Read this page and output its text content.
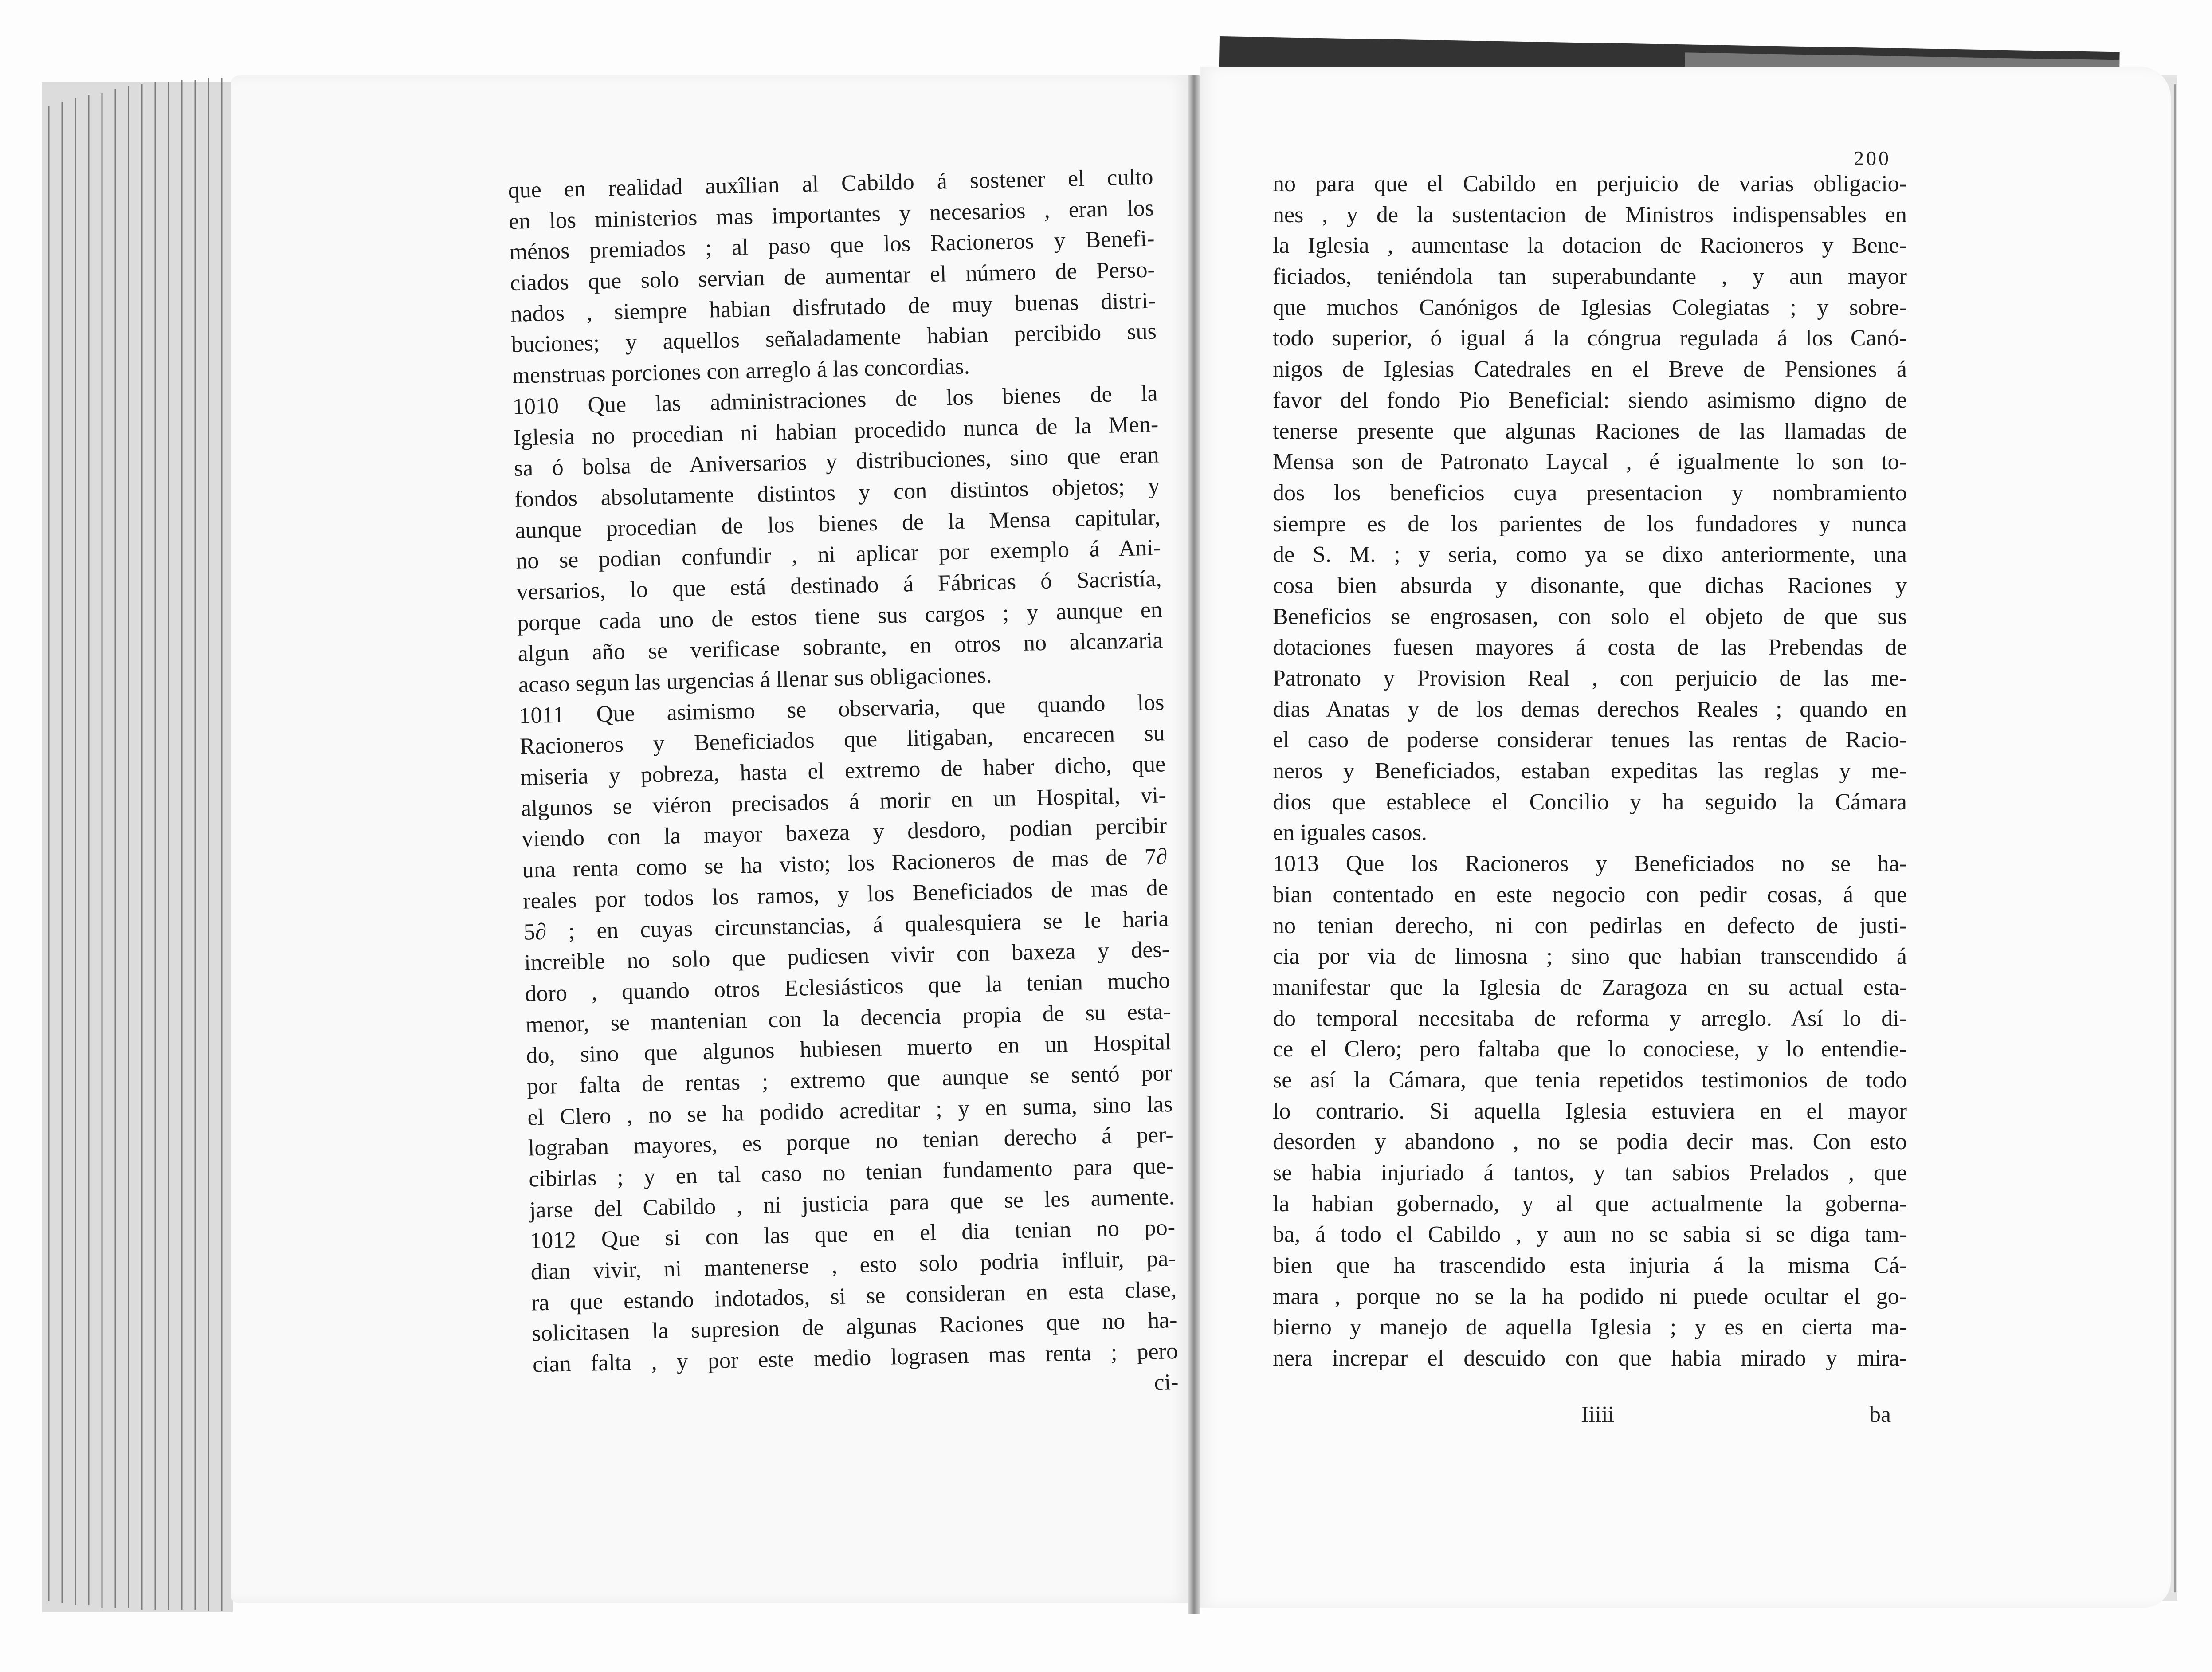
200
que en realidad auxîlian al Cabildo á sostener el culto
en los ministerios mas importantes y necesarios , eran los
ménos premiados ; al paso que los Racioneros y Benefi-
ciados que solo servian de aumentar el número de Perso-
nados , siempre habian disfrutado de muy buenas distri-
buciones; y aquellos señaladamente habian percibido sus
menstruas porciones con arreglo á las concordias.
1010 Que las administraciones de los bienes de la
Iglesia no procedian ni habian procedido nunca de la Men-
sa ó bolsa de Aniversarios y distribuciones, sino que eran
fondos absolutamente distintos y con distintos objetos; y
aunque procedian de los bienes de la Mensa capitular,
no se podian confundir , ni aplicar por exemplo á Ani-
versarios, lo que está destinado á Fábricas ó Sacristía,
porque cada uno de estos tiene sus cargos ; y aunque en
algun año se verificase sobrante, en otros no alcanzaria
acaso segun las urgencias á llenar sus obligaciones.
1011 Que asimismo se observaria, que quando los
Racioneros y Beneficiados que litigaban, encarecen su
miseria y pobreza, hasta el extremo de haber dicho, que
algunos se viéron precisados á morir en un Hospital, vi-
viendo con la mayor baxeza y desdoro, podian percibir
una renta como se ha visto; los Racioneros de mas de 7∂
reales por todos los ramos, y los Beneficiados de mas de
5∂ ; en cuyas circunstancias, á qualesquiera se le haria
increible no solo que pudiesen vivir con baxeza y des-
doro , quando otros Eclesiásticos que la tenian mucho
menor, se mantenian con la decencia propia de su esta-
do, sino que algunos hubiesen muerto en un Hospital
por falta de rentas ; extremo que aunque se sentó por
el Clero , no se ha podido acreditar ; y en suma, sino las
lograban mayores, es porque no tenian derecho á per-
cibirlas ; y en tal caso no tenian fundamento para que-
jarse del Cabildo , ni justicia para que se les aumente.
1012 Que si con las que en el dia tenian no po-
dian vivir, ni mantenerse , esto solo podria influir, pa-
ra que estando indotados, si se consideran en esta clase,
solicitasen la supresion de algunas Raciones que no ha-
cian falta , y por este medio lograsen mas renta ; pero
ci-
no para que el Cabildo en perjuicio de varias obligacio-
nes , y de la sustentacion de Ministros indispensables en
la Iglesia , aumentase la dotacion de Racioneros y Bene-
ficiados, teniéndola tan superabundante , y aun mayor
que muchos Canónigos de Iglesias Colegiatas ; y sobre-
todo superior, ó igual á la cóngrua regulada á los Canó-
nigos de Iglesias Catedrales en el Breve de Pensiones á
favor del fondo Pio Beneficial: siendo asimismo digno de
tenerse presente que algunas Raciones de las llamadas de
Mensa son de Patronato Laycal , é igualmente lo son to-
dos los beneficios cuya presentacion y nombramiento
siempre es de los parientes de los fundadores y nunca
de S. M. ; y seria, como ya se dixo anteriormente, una
cosa bien absurda y disonante, que dichas Raciones y
Beneficios se engrosasen, con solo el objeto de que sus
dotaciones fuesen mayores á costa de las Prebendas de
Patronato y Provision Real , con perjuicio de las me-
dias Anatas y de los demas derechos Reales ; quando en
el caso de poderse considerar tenues las rentas de Racio-
neros y Beneficiados, estaban expeditas las reglas y me-
dios que establece el Concilio y ha seguido la Cámara
en iguales casos.
1013 Que los Racioneros y Beneficiados no se ha-
bian contentado en este negocio con pedir cosas, á que
no tenian derecho, ni con pedirlas en defecto de justi-
cia por via de limosna ; sino que habian transcendido á
manifestar que la Iglesia de Zaragoza en su actual esta-
do temporal necesitaba de reforma y arreglo. Así lo di-
ce el Clero; pero faltaba que lo conociese, y lo entendie-
se así la Cámara, que tenia repetidos testimonios de todo
lo contrario. Si aquella Iglesia estuviera en el mayor
desorden y abandono , no se podia decir mas. Con esto
se habia injuriado á tantos, y tan sabios Prelados , que
la habian gobernado, y al que actualmente la goberna-
ba, á todo el Cabildo , y aun no se sabia si se diga tam-
bien que ha trascendido esta injuria á la misma Cá-
mara , porque no se la ha podido ni puede ocultar el go-
bierno y manejo de aquella Iglesia ; y es en cierta ma-
nera increpar el descuido con que habia mirado y mira-
Iiiii	ba
